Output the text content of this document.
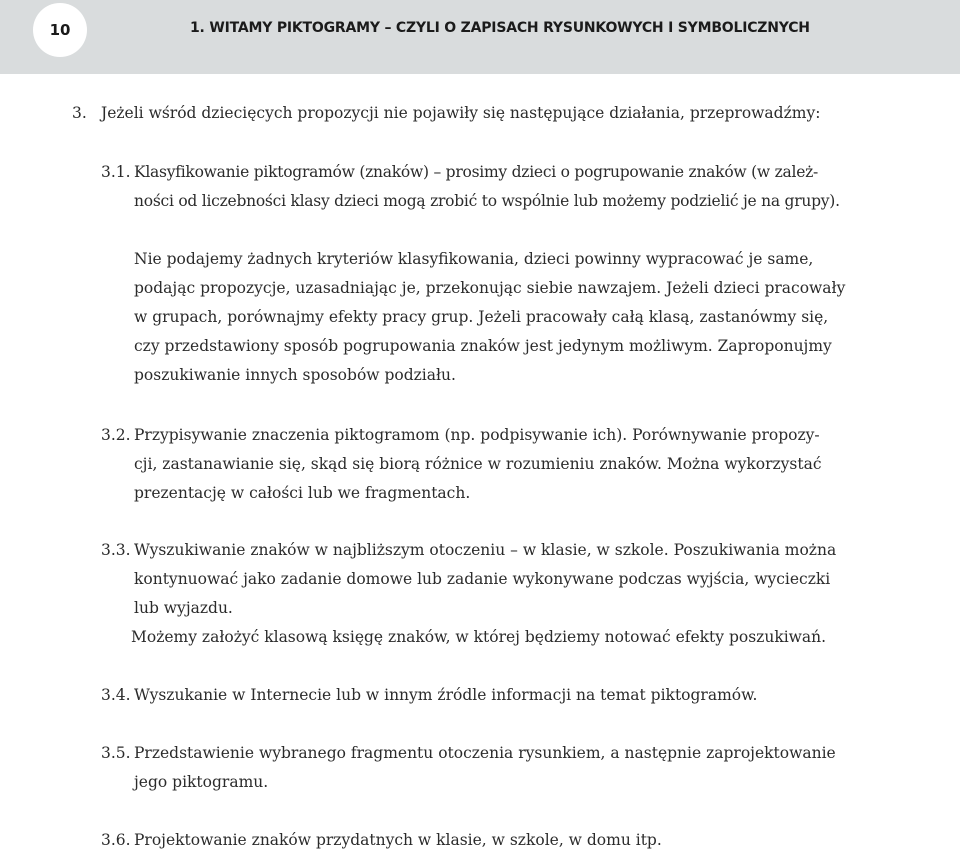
10	1. WITAMY PIKTOGRAMY – CZYLI O ZAPISACH RYSUNKOWYCH I SYMBOLICZNYCH
3. Jeżeli wśród dziecięcych propozycji nie pojawiły się następujące działania, przeprowadźmy:
3.1. Klasyfikowanie piktogramów (znaków) – prosimy dzieci o pogrupowanie znaków (w zależ-
ności od liczebności klasy dzieci mogą zrobić to wspólnie lub możemy podzielić je na grupy).
Nie podajemy żadnych kryteriów klasyfikowania, dzieci powinny wypracować je same,
podając propozycje, uzasadniając je, przekonując siebie nawzajem. Jeżeli dzieci pracowały
w grupach, porównajmy efekty pracy grup. Jeżeli pracowały całą klasą, zastanówmy się,
czy przedstawiony sposób pogrupowania znaków jest jedynym możliwym. Zaproponujmy
poszukiwanie innych sposobów podziału.
3.2. Przypisywanie znaczenia piktogramom (np. podpisywanie ich). Porównywanie propozy-
cji, zastanawianie się, skąd się biorą różnice w rozumieniu znaków. Można wykorzystać
prezentację w całości lub we fragmentach.
3.3. Wyszukiwanie znaków w najbliższym otoczeniu – w klasie, w szkole. Poszukiwania można
kontynuować jako zadanie domowe lub zadanie wykonywane podczas wyjścia, wycieczki
lub wyjazdu.
Możemy założyć klasową księgę znaków, w której będziemy notować efekty poszukiwań.
3.4. Wyszukanie w Internecie lub w innym źródle informacji na temat piktogramów.
3.5. Przedstawienie wybranego fragmentu otoczenia rysunkiem, a następnie zaprojektowanie
jego piktogramu.
3.6. Projektowanie znaków przydatnych w klasie, w szkole, w domu itp.
